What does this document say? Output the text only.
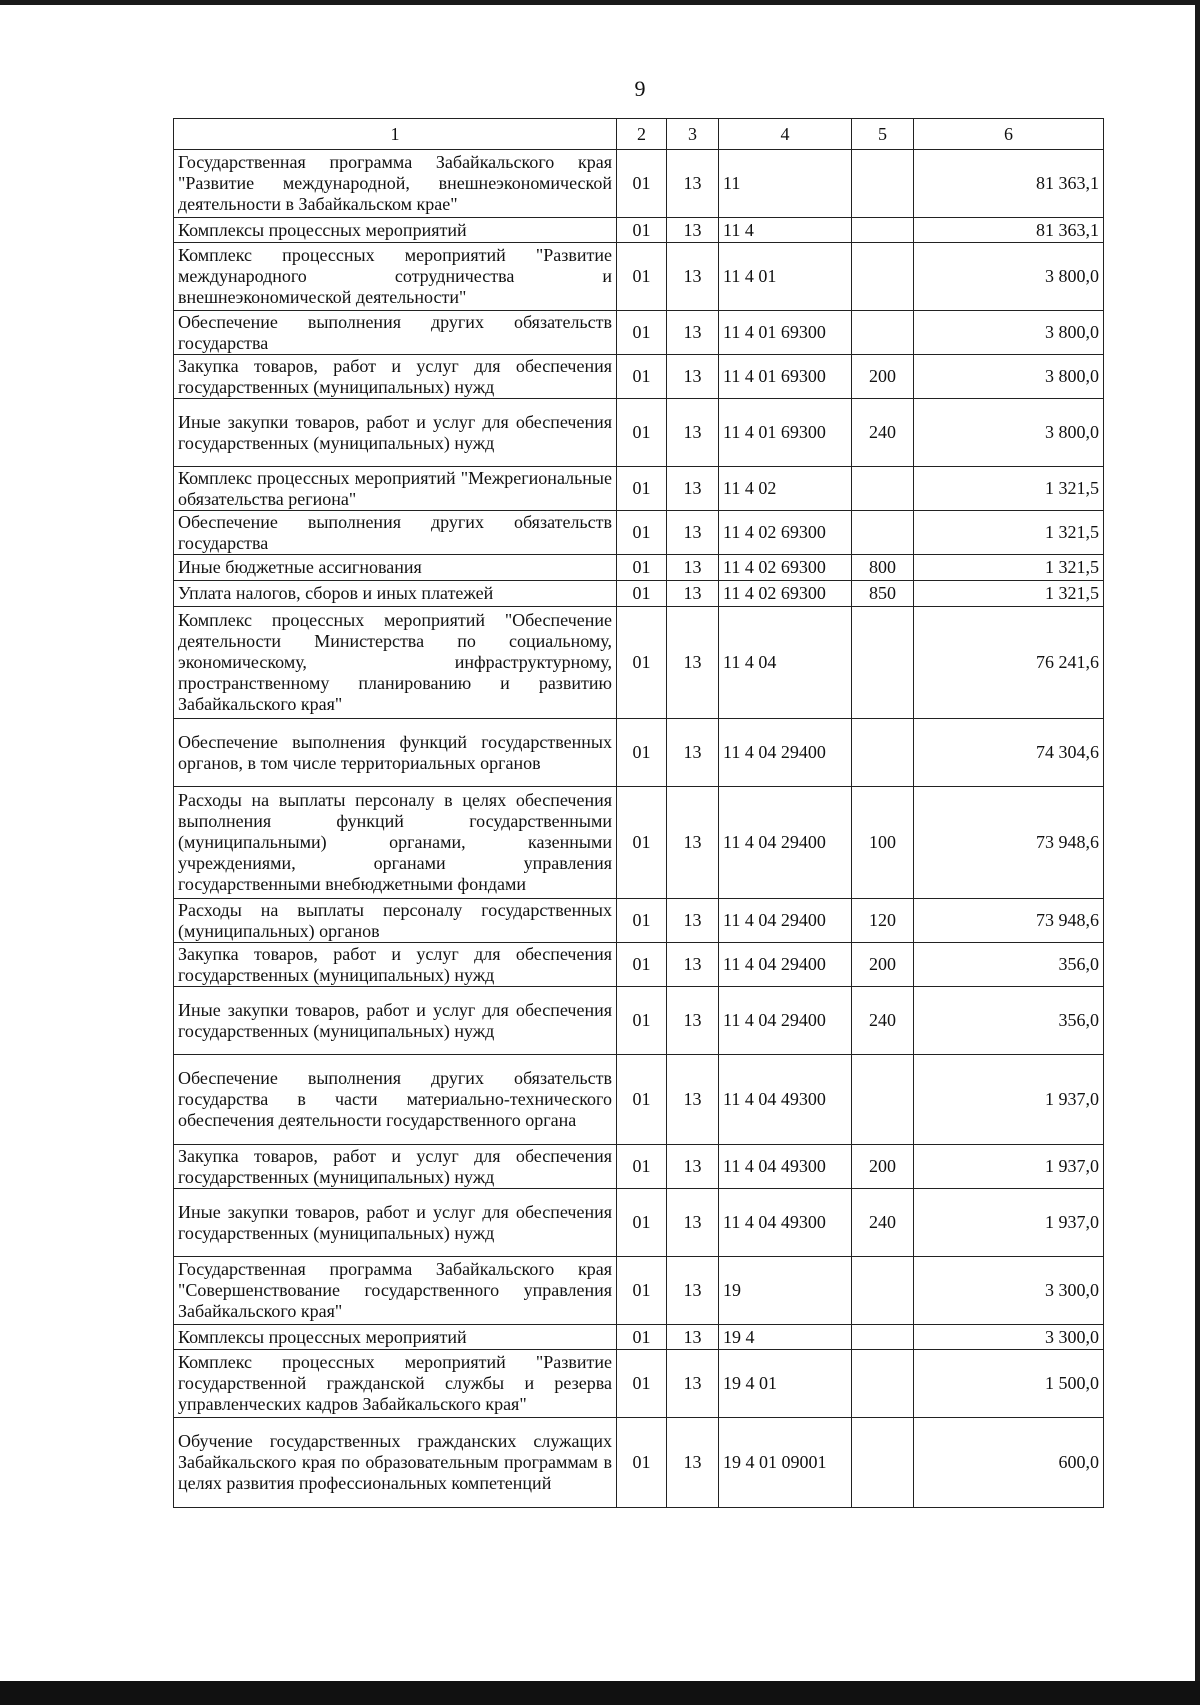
9
1	2	3	4	5	6
Государственная программа Забайкальского края "Развитие международной, внешнеэкономической деятельности в Забайкальском крае"	01	13	11		81 363,1
Комплексы процессных мероприятий	01	13	11 4		81 363,1
Комплекс процессных мероприятий "Развитие международного сотрудничества и внешнеэкономической деятельности"	01	13	11 4 01		3 800,0
Обеспечение выполнения других обязательств государства	01	13	11 4 01 69300		3 800,0
Закупка товаров, работ и услуг для обеспечения государственных (муниципальных) нужд	01	13	11 4 01 69300	200	3 800,0
Иные закупки товаров, работ и услуг для обеспечения государственных (муниципальных) нужд	01	13	11 4 01 69300	240	3 800,0
Комплекс процессных мероприятий "Межрегиональные обязательства региона"	01	13	11 4 02		1 321,5
Обеспечение выполнения других обязательств государства	01	13	11 4 02 69300		1 321,5
Иные бюджетные ассигнования	01	13	11 4 02 69300	800	1 321,5
Уплата налогов, сборов и иных платежей	01	13	11 4 02 69300	850	1 321,5
Комплекс процессных мероприятий "Обеспечение деятельности Министерства по социальному, экономическому, инфраструктурному, пространственному планированию и развитию Забайкальского края"	01	13	11 4 04		76 241,6
Обеспечение выполнения функций государственных органов, в том числе территориальных органов	01	13	11 4 04 29400		74 304,6
Расходы на выплаты персоналу в целях обеспечения выполнения функций государственными (муниципальными) органами, казенными учреждениями, органами управления государственными внебюджетными фондами	01	13	11 4 04 29400	100	73 948,6
Расходы на выплаты персоналу государственных (муниципальных) органов	01	13	11 4 04 29400	120	73 948,6
Закупка товаров, работ и услуг для обеспечения государственных (муниципальных) нужд	01	13	11 4 04 29400	200	356,0
Иные закупки товаров, работ и услуг для обеспечения государственных (муниципальных) нужд	01	13	11 4 04 29400	240	356,0
Обеспечение выполнения других обязательств государства в части материально-технического обеспечения деятельности государственного органа	01	13	11 4 04 49300		1 937,0
Закупка товаров, работ и услуг для обеспечения государственных (муниципальных) нужд	01	13	11 4 04 49300	200	1 937,0
Иные закупки товаров, работ и услуг для обеспечения государственных (муниципальных) нужд	01	13	11 4 04 49300	240	1 937,0
Государственная программа Забайкальского края "Совершенствование государственного управления Забайкальского края"	01	13	19		3 300,0
Комплексы процессных мероприятий	01	13	19 4		3 300,0
Комплекс процессных мероприятий "Развитие государственной гражданской службы и резерва управленческих кадров Забайкальского края"	01	13	19 4 01		1 500,0
Обучение государственных гражданских служащих Забайкальского края по образовательным программам в целях развития профессиональных компетенций	01	13	19 4 01 09001		600,0
